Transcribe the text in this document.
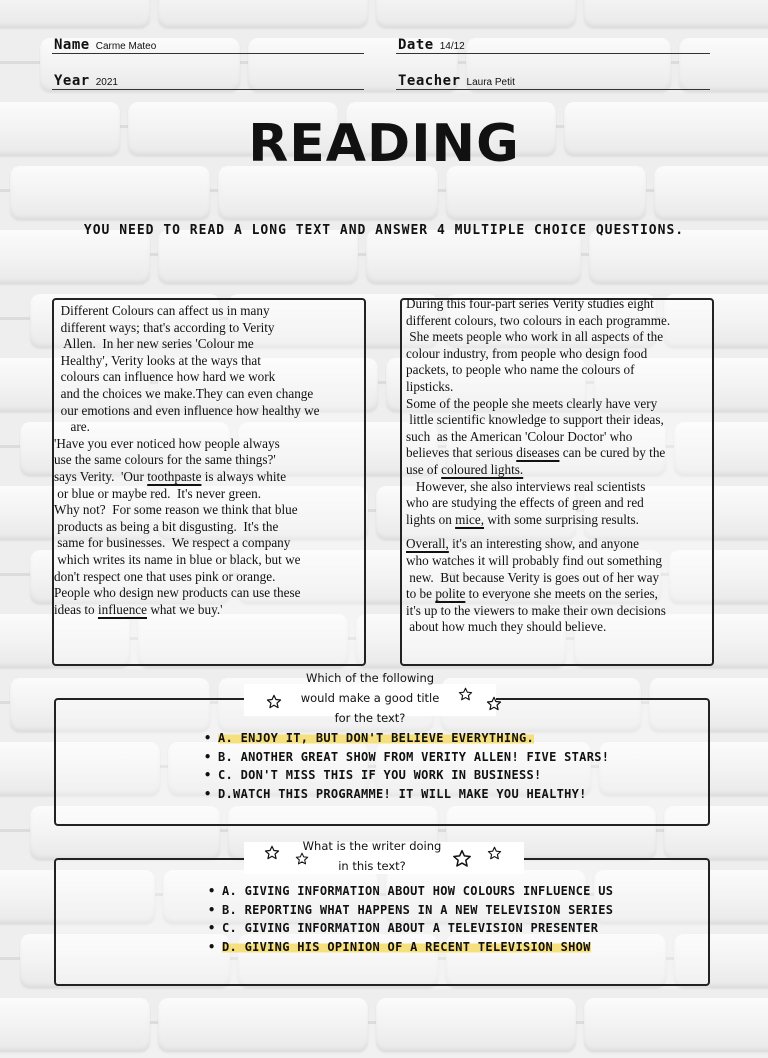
Name Carme Mateo	Date 14/12
Year 2021	Teacher Laura Petit
READING
YOU NEED TO READ A LONG TEXT AND ANSWER 4 MULTIPLE CHOICE QUESTIONS.

Different Colours can affect us in many

different ways; that's according to Verity

Allen.  In her new series 'Colour me

Healthy', Verity looks at the ways that

colours can influence how hard we work

and the choices we make.They can even change

our emotions and even influence how healthy we

are.

'Have you ever noticed how people always

use the same colours for the same things?'

says Verity.  'Our toothpaste is always white

or blue or maybe red.  It's never green.

Why not?  For some reason we think that blue

products as being a bit disgusting.  It's the

same for businesses.  We respect a company

which writes its name in blue or black, but we

don't respect one that uses pink or orange.

People who design new products can use these

ideas to influence what we buy.'

During this four-part series Verity studies eight

different colours, two colours in each programme.

She meets people who work in all aspects of the

colour industry, from people who design food

packets, to people who name the colours of

lipsticks.

Some of the people she meets clearly have very

little scientific knowledge to support their ideas,

such  as the American 'Colour Doctor' who

believes that serious diseases can be cured by the

use of coloured lights.

However, she also interviews real scientists

who are studying the effects of green and red

lights on mice, with some surprising results.

Overall, it's an interesting show, and anyone

who watches it will probably find out something

new.  But because Verity is goes out of her way

to be polite to everyone she meets on the series,

it's up to the viewers to make their own decisions

about how much they should believe.

Which of the following
would make a good title
for the text?
• A. ENJOY IT, BUT DON'T BELIEVE EVERYTHING.
• B. ANOTHER GREAT SHOW FROM VERITY ALLEN! FIVE STARS!
• C. DON'T MISS THIS IF YOU WORK IN BUSINESS!
• D.WATCH THIS PROGRAMME! IT WILL MAKE YOU HEALTHY!
What is the writer doing
in this text?
• A. GIVING INFORMATION ABOUT HOW COLOURS INFLUENCE US
• B. REPORTING WHAT HAPPENS IN A NEW TELEVISION SERIES
• C. GIVING INFORMATION ABOUT A TELEVISION PRESENTER
• D. GIVING HIS OPINION OF A RECENT TELEVISION SHOW
